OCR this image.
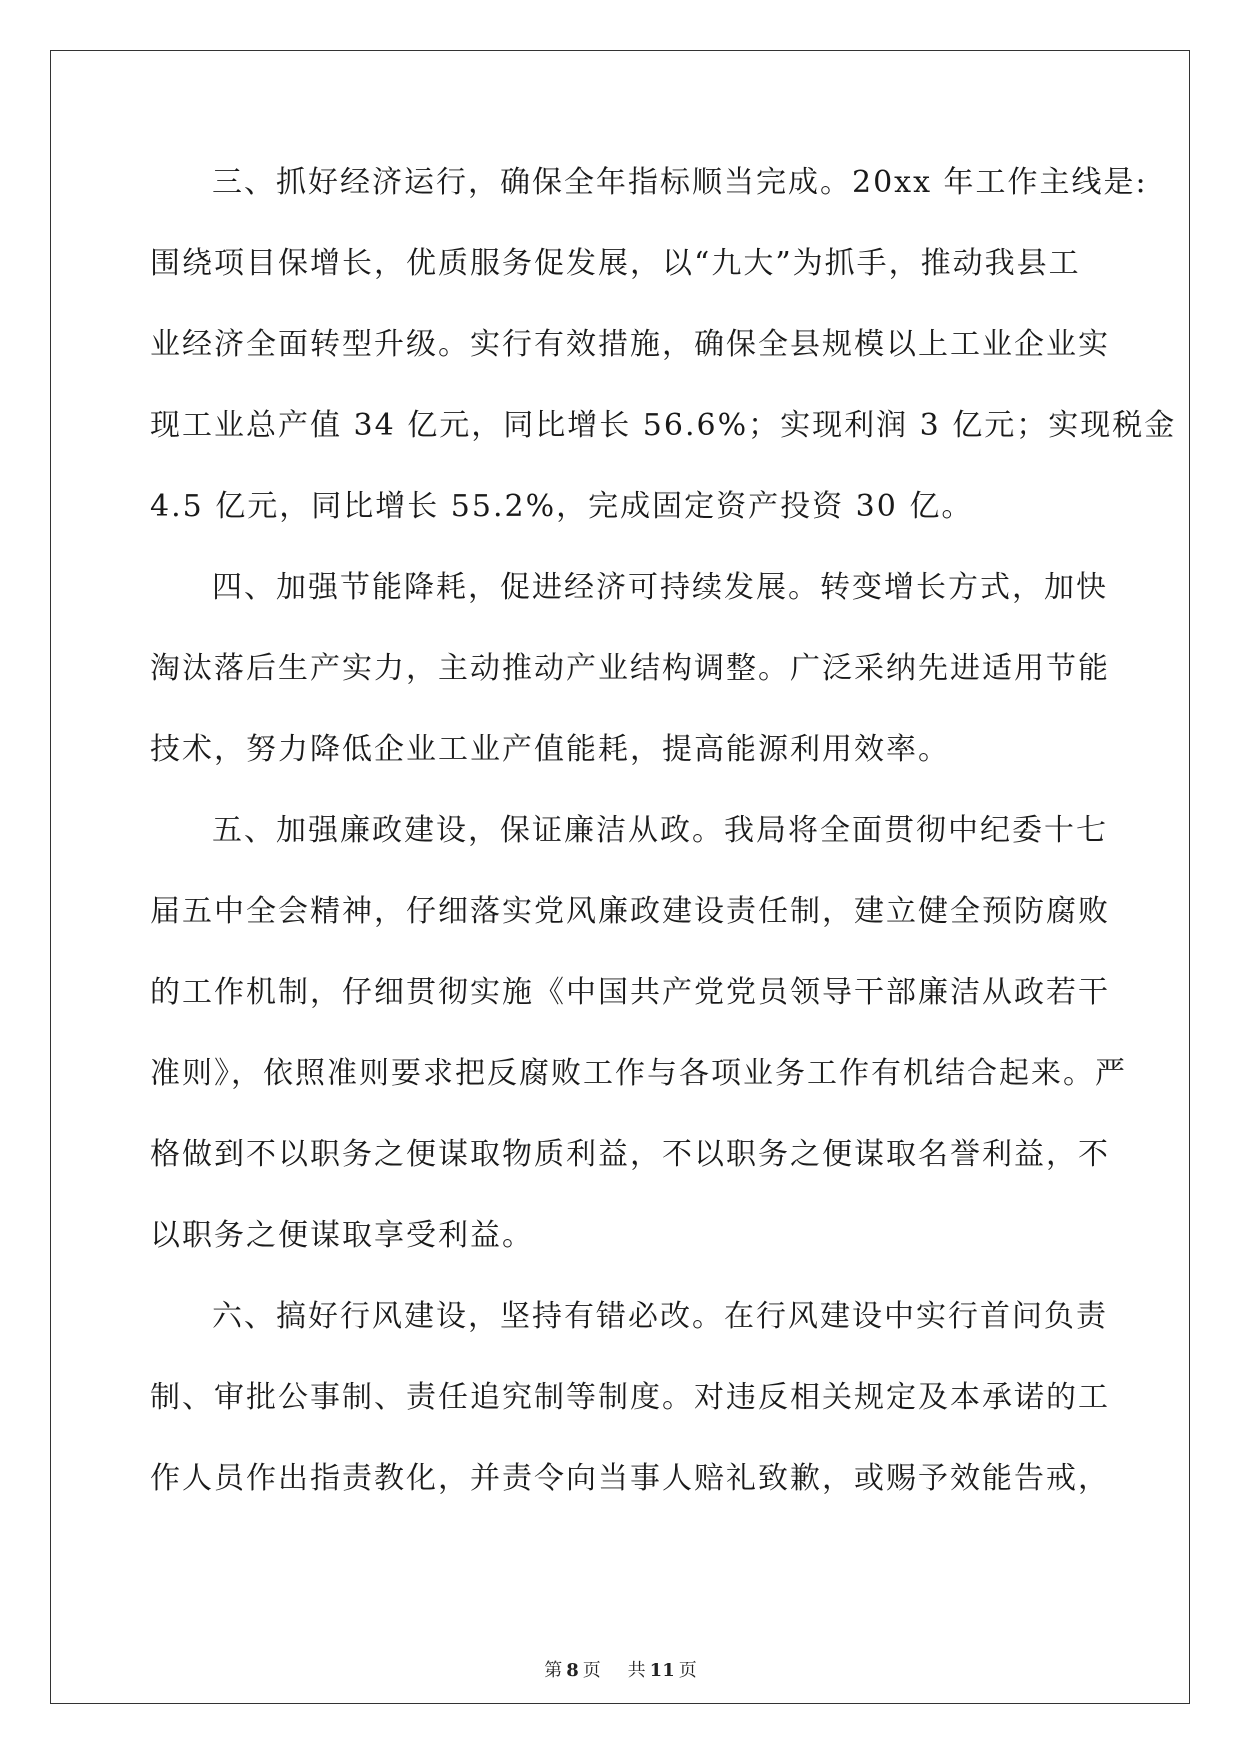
三、抓好经济运行，确保全年指标顺当完成。20xx 年工作主线是:
围绕项目保增长，优质服务促发展，以“九大”为抓手，推动我县工
业经济全面转型升级。实行有效措施，确保全县规模以上工业企业实
现工业总产值 34 亿元，同比增长 56.6%；实现利润 3 亿元；实现税金
4.5 亿元，同比增长 55.2%，完成固定资产投资 30 亿。
四、加强节能降耗，促进经济可持续发展。转变增长方式，加快
淘汰落后生产实力，主动推动产业结构调整。广泛采纳先进适用节能
技术，努力降低企业工业产值能耗，提高能源利用效率。
五、加强廉政建设，保证廉洁从政。我局将全面贯彻中纪委十七
届五中全会精神，仔细落实党风廉政建设责任制，建立健全预防腐败
的工作机制，仔细贯彻实施《中国共产党党员领导干部廉洁从政若干
准则》，依照准则要求把反腐败工作与各项业务工作有机结合起来。严
格做到不以职务之便谋取物质利益，不以职务之便谋取名誉利益，不
以职务之便谋取享受利益。
六、搞好行风建设，坚持有错必改。在行风建设中实行首问负责
制、审批公事制、责任追究制等制度。对违反相关规定及本承诺的工
作人员作出指责教化，并责令向当事人赔礼致歉，或赐予效能告戒，
第 8 页 共 11 页
